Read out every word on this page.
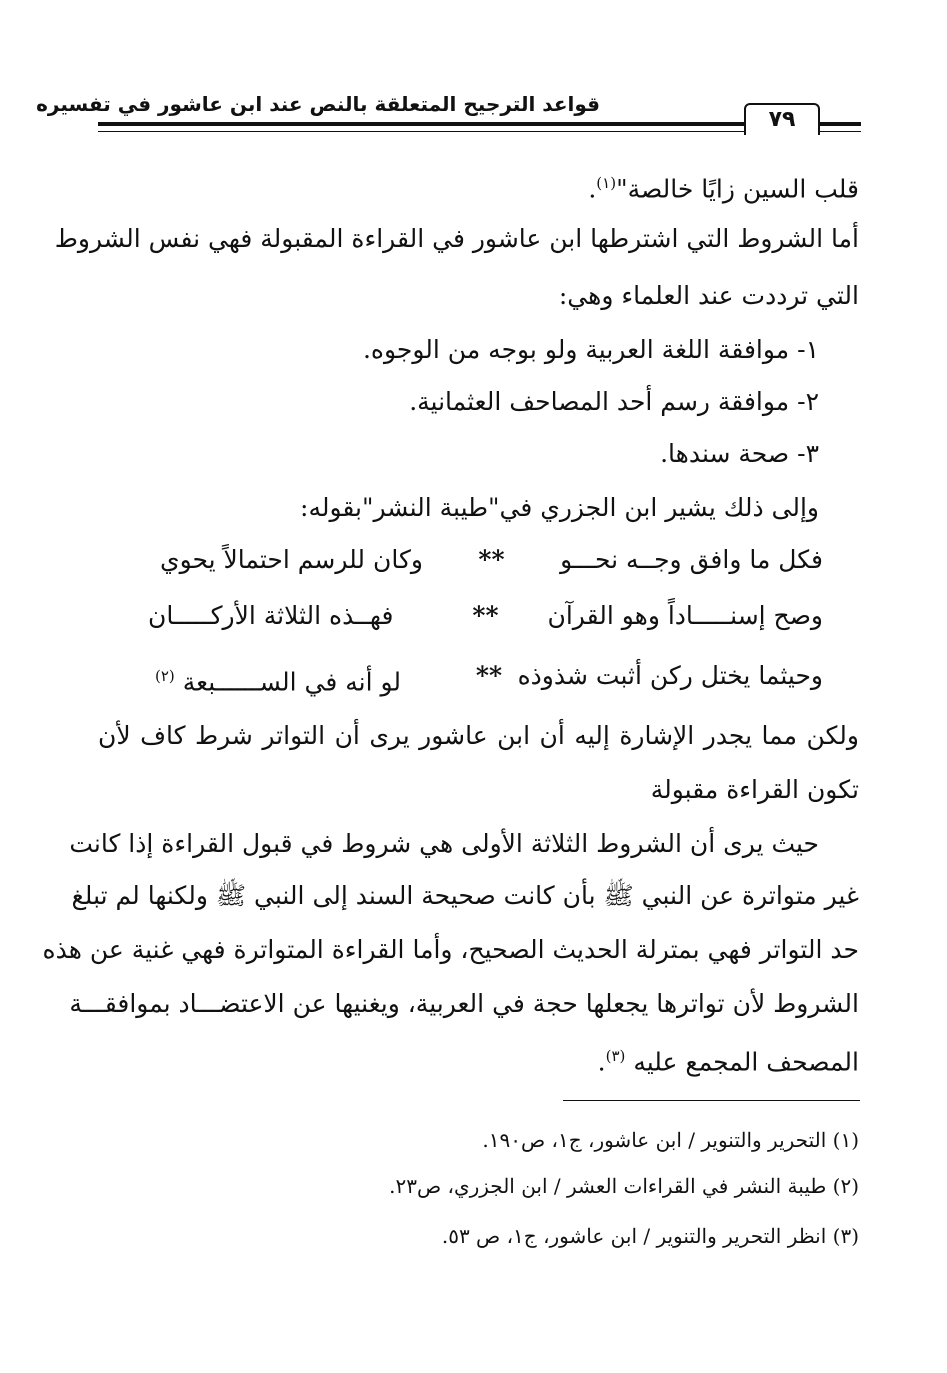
قواعد الترجيح المتعلقة بالنص عند ابن عاشور في تفسيره
٧٩
قلب السين زايًا خالصة"$^{(١)}$.
أما الشروط التي اشترطها ابن عاشور في القراءة المقبولة فهي نفس الشروط
التي ترددت عند العلماء وهي:
١- موافقة اللغة العربية ولو بوجه من الوجوه.
٢- موافقة رسم أحد المصاحف العثمانية.
٣- صحة سندها.
وإلى ذلك يشير ابن الجزري في"طيبة النشر"بقوله:
فكل ما وافق وجــه نحـــو
**
وكان للرسم احتمالاً يحوي
وصح إسنـــــاداً وهو القرآن
**
فهــذه الثلاثة الأركـــــان
وحيثما يختل ركن أثبت شذوذه
**
لو أنه في الســــــبعة $^{(٢)}$
ولكن مما يجدر الإشارة إليه أن ابن عاشور يرى أن التواتر شرط كاف لأن
تكون القراءة مقبولة
حيث يرى أن الشروط الثلاثة الأولى هي شروط في قبول القراءة إذا كانت
غير متواترة عن النبي ﷺ بأن كانت صحيحة السند إلى النبي ﷺ ولكنها لم تبلغ
حد التواتر فهي بمترلة الحديث الصحيح، وأما القراءة المتواترة فهي غنية عن هذه
الشروط لأن تواترها يجعلها حجة في العربية، ويغنيها عن الاعتضـــاد بموافقـــة
المصحف المجمع عليه $^{(٣)}$.
(١) التحرير والتنوير / ابن عاشور، ج١، ص١٩٠.
(٢) طيبة النشر في القراءات العشر / ابن الجزري، ص٢٣.
(٣) انظر التحرير والتنوير / ابن عاشور، ج١، ص ٥٣.
